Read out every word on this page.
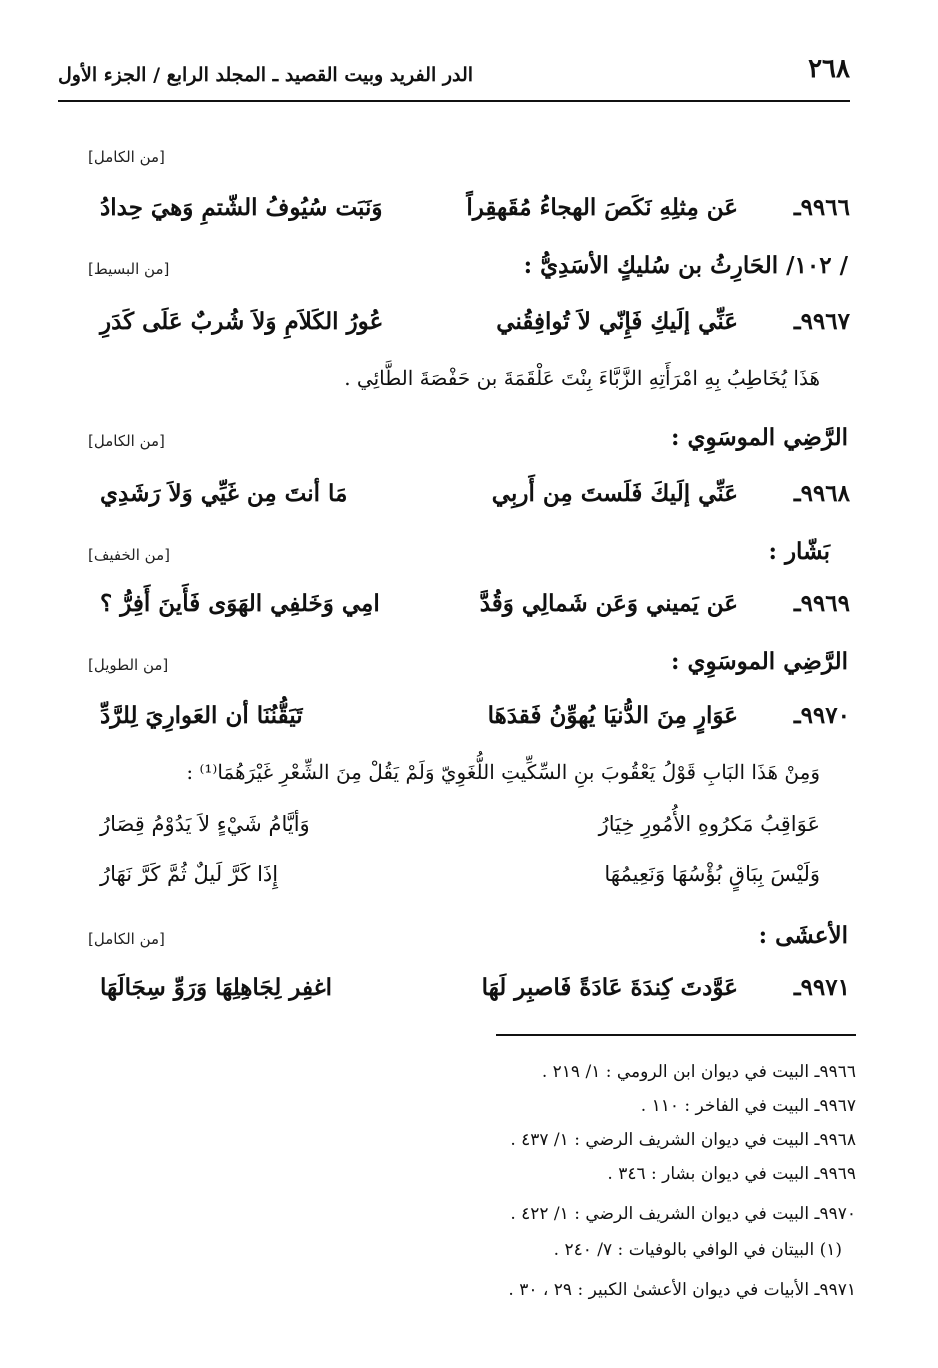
٢٦٨
الدر الفريد وبيت القصيد ـ المجلد الرابع / الجزء الأول
[من الكامل]
٩٩٦٦ـ
عَن مِثلِهِ نَكَصَ الهجاءُ مُقَهقِراً
وَنَبَت سُيُوفُ الشّتمِ وَهيَ حِدادُ
/ ١٠٢/ الحَارِثُ بن سُليكٍ الأسَدِيُّ :
[من البسيط]
٩٩٦٧ـ
عَنِّي إلَيكِ فَإِنّي لاَ تُوافِقُني
عُورُ الكَلاَمِ وَلاَ شُربٌ عَلَى كَدَرِ
هَذَا يُخَاطِبُ بِهِ امْرَأَتِهِ الزَّبَّاءَ بِنْتَ عَلْقَمَةَ بن حَفْصَةَ الطَّائِي .
الرَّضِي الموسَوِي :
[من الكامل]
٩٩٦٨ـ
عَنِّي إلَيكَ فَلَستَ مِن أَربِي
مَا أنتَ مِن غَيِّي وَلاَ رَشَدِي
بَشّار :
[من الخفيف]
٩٩٦٩ـ
عَن يَميني وَعَن شَمالِي وَقُدَّ
امِي وَخَلفِي الهَوَى فَأَينَ أَفِرُّ ؟
الرَّضِي الموسَوِي :
[من الطويل]
٩٩٧٠ـ
عَوَارٍ مِنَ الدُّنيَا يُهوِّنُ فَقدَهَا
تَيَقُّنُنَا أن العَوارِيَ لِلرَّدِّ
وَمِنْ هَذَا البَابِ قَوْلُ يَعْقُوبَ بنِ السِّكِّيتِ اللُّغَوِيّ وَلَمْ يَقُلْ مِنَ الشِّعْرِ غَيْرَهُمَا⁽¹⁾ :
عَوَاقِبُ مَكرُوهِ الأُمُورِ خِيَارُ
وَأيَّامُ شَيْءٍ لاَ يَدُوْمُ قِصَارُ
وَلَيْسَ بِبَاقٍ بُؤْسُهَا وَنَعِيمُهَا
إِذَا كَرَّ لَيلٌ ثُمَّ كَرَّ نَهَارُ
الأعشَى :
[من الكامل]
٩٩٧١ـ
عَوَّدتَ كِندَةَ عَادَةً فَاصبِر لَهَا
اغفِر لِجَاهِلِهَا وَرَوِّ سِجَالَهَا
٩٩٦٦ـ البيت في ديوان ابن الرومي : ١/ ٢١٩ .
٩٩٦٧ـ البيت في الفاخر : ١١٠ .
٩٩٦٨ـ البيت في ديوان الشريف الرضي : ١/ ٤٣٧ .
٩٩٦٩ـ البيت في ديوان بشار : ٣٤٦ .
٩٩٧٠ـ البيت في ديوان الشريف الرضي : ١/ ٤٢٢ .
(١) البيتان في الوافي بالوفيات : ٧/ ٢٤٠ .
٩٩٧١ـ الأبيات في ديوان الأعشىٰ الكبير : ٢٩ ، ٣٠ .
